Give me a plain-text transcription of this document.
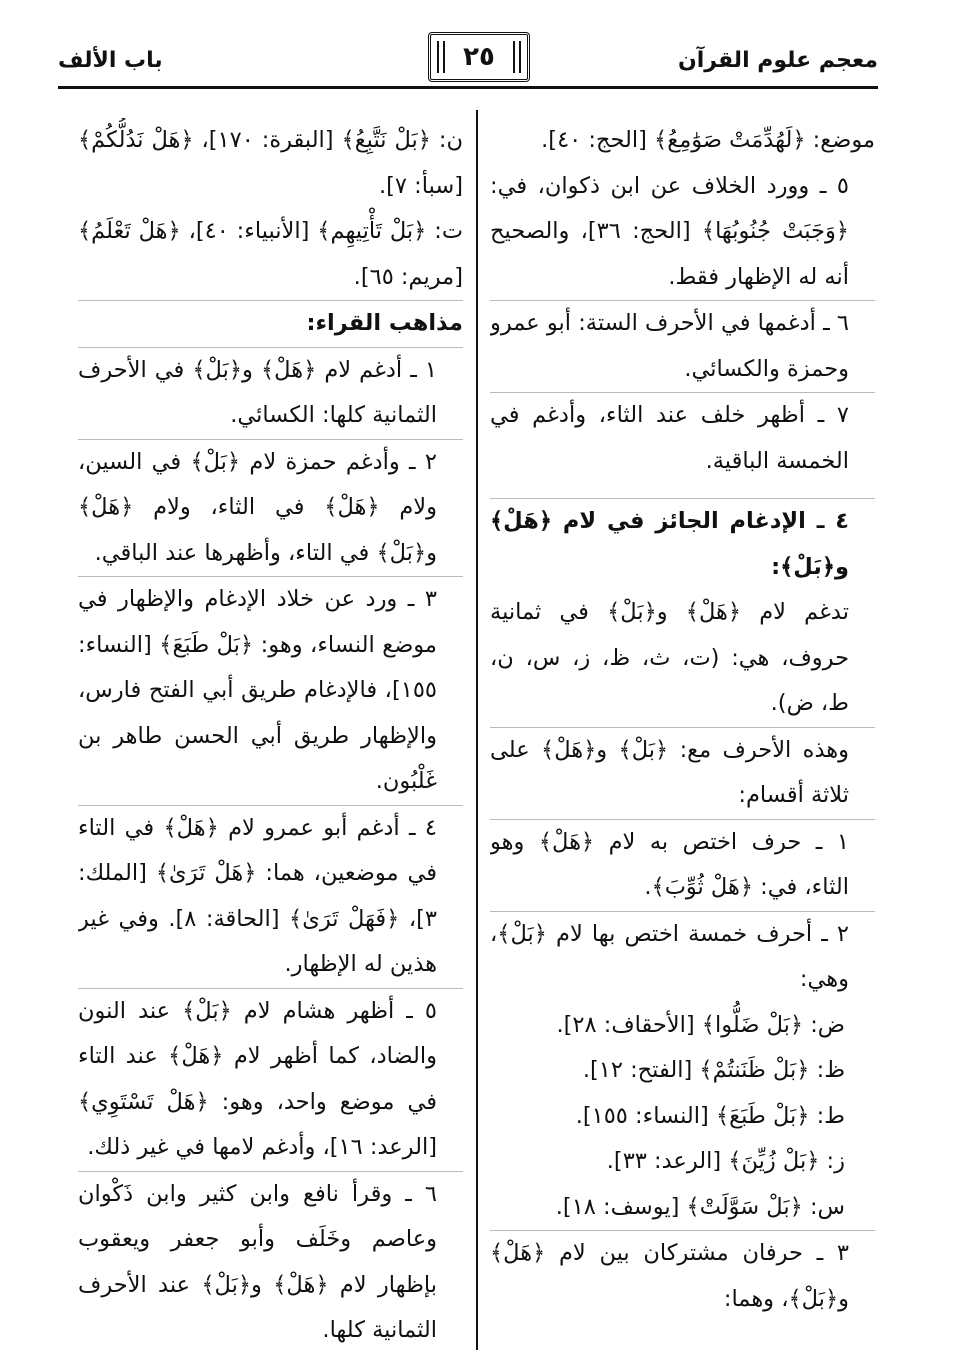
معجم علوم القرآن
٢٥
باب الألف

موضع: ﴿لَهُدِّمَتْ صَوَٰمِعُ﴾ [الحج: ٤٠].

٥ ـ وورد الخلاف عن ابن ذكوان، في: ﴿وَجَبَتْ جُنُوبُهَا﴾ [الحج: ٣٦]، والصحيح أنه له الإظهار فقط.

٦ ـ أدغمها في الأحرف الستة: أبو عمرو وحمزة والكسائي.

٧ ـ أظهر خلف عند الثاء، وأدغم في الخمسة الباقية.

٤ ـ الإدغام الجائز في لام ﴿هَلْ﴾ و﴿بَلْ﴾:

تدغم لام ﴿هَلْ﴾ و﴿بَلْ﴾ في ثمانية حروف، هي: (ت، ث، ظ، ز، س، ن، ط، ض).

وهذه الأحرف مع: ﴿بَلْ﴾ و﴿هَلْ﴾ على ثلاثة أقسام:

١ ـ حرف اختص به لام ﴿هَلْ﴾ وهو الثاء، في: ﴿هَلْ ثُوِّبَ﴾.

٢ ـ أحرف خمسة اختص بها لام ﴿بَلْ﴾، وهي:

ض: ﴿بَلْ ضَلُّوا﴾ [الأحقاف: ٢٨].

ظ: ﴿بَلْ ظَنَنتُمْ﴾ [الفتح: ١٢].

ط: ﴿بَلْ طَبَعَ﴾ [النساء: ١٥٥].

ز: ﴿بَلْ زُيِّنَ﴾ [الرعد: ٣٣].

س: ﴿بَلْ سَوَّلَتْ﴾ [يوسف: ١٨].

٣ ـ حرفان مشتركان بين لام ﴿هَلْ﴾ و﴿بَلْ﴾، وهما:

ن: ﴿بَلْ نَتَّبِعُ﴾ [البقرة: ١٧٠]، ﴿هَلْ نَدُلُّكُمْ﴾ [سبأ: ٧].

ت: ﴿بَلْ تَأْتِيهِم﴾ [الأنبياء: ٤٠]، ﴿هَلْ تَعْلَمُ﴾ [مريم: ٦٥].

مذاهب القراء:

١ ـ أدغم لام ﴿هَلْ﴾ و﴿بَلْ﴾ في الأحرف الثمانية كلها: الكسائي.

٢ ـ وأدغم حمزة لام ﴿بَلْ﴾ في السين، ولام ﴿هَلْ﴾ في الثاء، ولام ﴿هَلْ﴾ و﴿بَلْ﴾ في التاء، وأظهرها عند الباقي.

٣ ـ ورد عن خلاد الإدغام والإظهار في موضع النساء، وهو: ﴿بَلْ طَبَعَ﴾ [النساء: ١٥٥]، فالإدغام طريق أبي الفتح فارس، والإظهار طريق أبي الحسن طاهر بن غَلْبُون.

٤ ـ أدغم أبو عمرو لام ﴿هَلْ﴾ في التاء في موضعين، هما: ﴿هَلْ تَرَىٰ﴾ [الملك: ٣]، ﴿فَهَلْ تَرَىٰ﴾ [الحاقة: ٨]. وفي غير هذين له الإظهار.

٥ ـ أظهر هشام لام ﴿بَلْ﴾ عند النون والضاد، كما أظهر لام ﴿هَلْ﴾ عند التاء في موضع واحد، وهو: ﴿هَلْ تَسْتَوِي﴾ [الرعد: ١٦]، وأدغم لامها في غير ذلك.

٦ ـ وقرأ نافع وابن كثير وابن ذَكْوان وعاصم وخَلَف وأبو جعفر ويعقوب بإظهار لام ﴿هَلْ﴾ و﴿بَلْ﴾ عند الأحرف الثمانية كلها.
